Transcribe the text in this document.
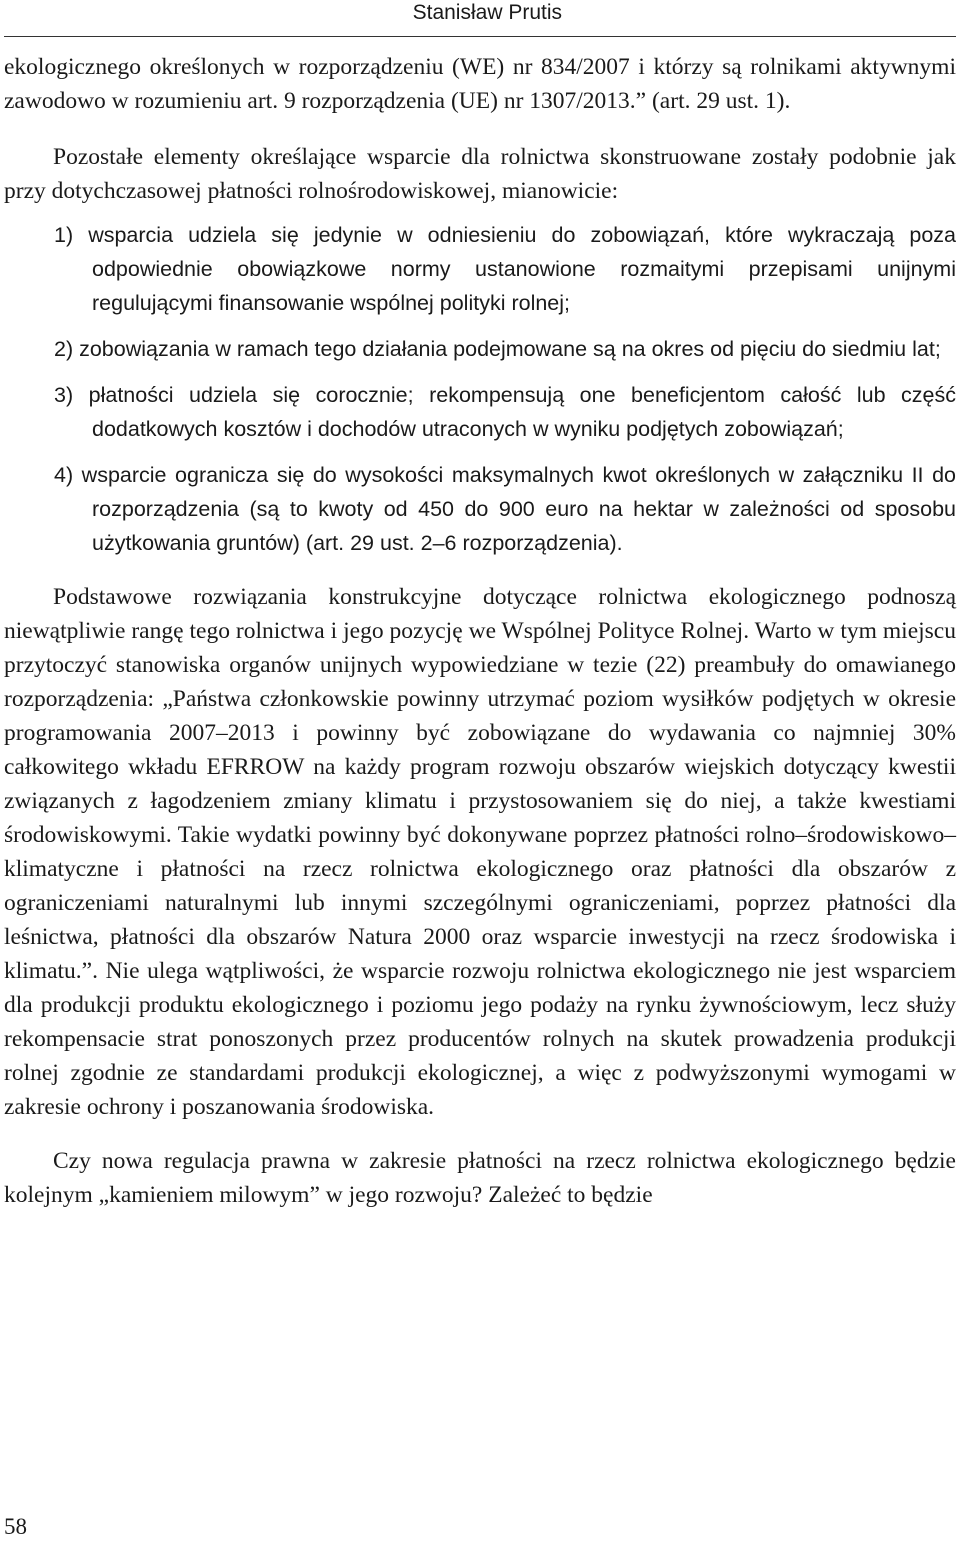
Stanisław Prutis

ekologicznego określonych w rozporządzeniu (WE) nr 834/2007 i którzy są rolnikami aktywnymi zawodowo w rozumieniu art. 9 rozporządzenia (UE) nr 1307/2013.” (art. 29 ust. 1).

Pozostałe elementy określające wsparcie dla rolnictwa skonstruowane zostały podobnie jak przy dotychczasowej płatności rolnośrodowiskowej, mianowicie:

1) wsparcia udziela się jedynie w odniesieniu do zobowiązań, które wykraczają poza odpowiednie obowiązkowe normy ustanowione rozmaitymi przepisami unijnymi regulującymi finansowanie wspólnej polityki rolnej;
2) zobowiązania w ramach tego działania podejmowane są na okres od pięciu do siedmiu lat;
3) płatności udziela się corocznie; rekompensują one beneficjentom całość lub część dodatkowych kosztów i dochodów utraconych w wyniku podjętych zobowiązań;
4) wsparcie ogranicza się do wysokości maksymalnych kwot określonych w załączniku II do rozporządzenia (są to kwoty od 450 do 900 euro na hektar w zależności od sposobu użytkowania gruntów) (art. 29 ust. 2–6 rozporządzenia).

Podstawowe rozwiązania konstrukcyjne dotyczące rolnictwa ekologicznego podnoszą niewątpliwie rangę tego rolnictwa i jego pozycję we Wspólnej Polityce Rolnej. Warto w tym miejscu przytoczyć stanowiska organów unijnych wypowiedziane w tezie (22) preambuły do omawianego rozporządzenia: „Państwa członkowskie powinny utrzymać poziom wysiłków podjętych w okresie programowania 2007–2013 i powinny być zobowiązane do wydawania co najmniej 30% całkowitego wkładu EFRROW na każdy program rozwoju obszarów wiejskich dotyczący kwestii związanych z łagodzeniem zmiany klimatu i przystosowaniem się do niej, a także kwestiami środowiskowymi. Takie wydatki powinny być dokonywane poprzez płatności rolno–środowiskowo–klimatyczne i płatności na rzecz rolnictwa ekologicznego oraz płatności dla obszarów z ograniczeniami naturalnymi lub innymi szczególnymi ograniczeniami, poprzez płatności dla leśnictwa, płatności dla obszarów Natura 2000 oraz wsparcie inwestycji na rzecz środowiska i klimatu.”. Nie ulega wątpliwości, że wsparcie rozwoju rolnictwa ekologicznego nie jest wsparciem dla produkcji produktu ekologicznego i poziomu jego podaży na rynku żywnościowym, lecz służy rekompensacie strat ponoszonych przez producentów rolnych na skutek prowadzenia produkcji rolnej zgodnie ze standardami produkcji ekologicznej, a więc z podwyższonymi wymogami w zakresie ochrony i poszanowania środowiska.

Czy nowa regulacja prawna w zakresie płatności na rzecz rolnictwa ekologicznego będzie kolejnym „kamieniem milowym” w jego rozwoju? Zależeć to będzie

58
